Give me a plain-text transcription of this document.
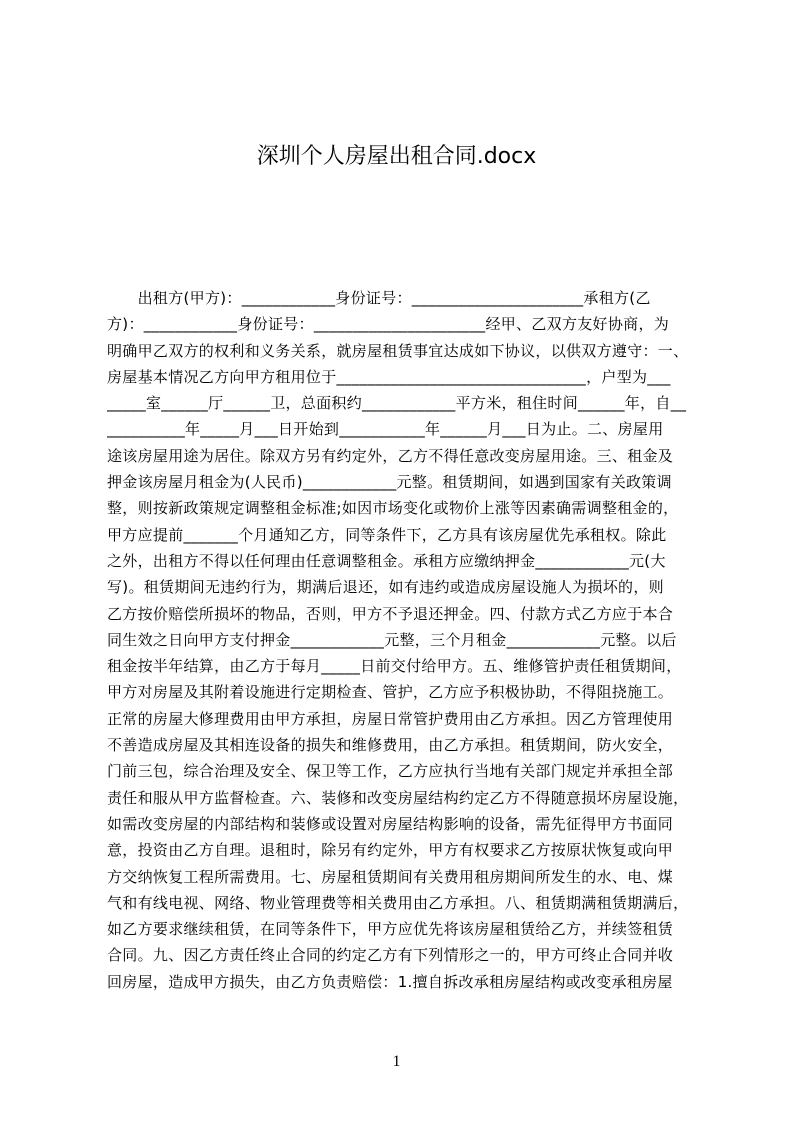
深圳个人房屋出租合同.docx
　　出租方(甲方)：____________身份证号：______________________承租方(乙
方)：____________身份证号：______________________经甲、乙双方友好协商，为
明确甲乙双方的权利和义务关系，就房屋租赁事宜达成如下协议，以供双方遵守：一、
房屋基本情况乙方向甲方租用位于________________________________，户型为___
_____室______厅______卫，总面积约____________平方米，租住时间______年，自__
__________年_____月___日开始到___________年______月___日为止。二、房屋用
途该房屋用途为居住。除双方另有约定外，乙方不得任意改变房屋用途。三、租金及
押金该房屋月租金为(人民币)____________元整。租赁期间，如遇到国家有关政策调
整，则按新政策规定调整租金标准;如因市场变化或物价上涨等因素确需调整租金的，
甲方应提前_______个月通知乙方，同等条件下，乙方具有该房屋优先承租权。除此
之外，出租方不得以任何理由任意调整租金。承租方应缴纳押金____________元(大
写)。租赁期间无违约行为，期满后退还，如有违约或造成房屋设施人为损坏的，则
乙方按价赔偿所损坏的物品，否则，甲方不予退还押金。四、付款方式乙方应于本合
同生效之日向甲方支付押金____________元整，三个月租金____________元整。以后
租金按半年结算，由乙方于每月_____日前交付给甲方。五、维修管护责任租赁期间，
甲方对房屋及其附着设施进行定期检查、管护，乙方应予积极协助，不得阻挠施工。
正常的房屋大修理费用由甲方承担，房屋日常管护费用由乙方承担。因乙方管理使用
不善造成房屋及其相连设备的损失和维修费用，由乙方承担。租赁期间，防火安全，
门前三包，综合治理及安全、保卫等工作，乙方应执行当地有关部门规定并承担全部
责任和服从甲方监督检查。六、装修和改变房屋结构约定乙方不得随意损坏房屋设施，
如需改变房屋的内部结构和装修或设置对房屋结构影响的设备，需先征得甲方书面同
意，投资由乙方自理。退租时，除另有约定外，甲方有权要求乙方按原状恢复或向甲
方交纳恢复工程所需费用。七、房屋租赁期间有关费用租房期间所发生的水、电、煤
气和有线电视、网络、物业管理费等相关费用由乙方承担。八、租赁期满租赁期满后，
如乙方要求继续租赁，在同等条件下，甲方应优先将该房屋租赁给乙方，并续签租赁
合同。九、因乙方责任终止合同的约定乙方有下列情形之一的，甲方可终止合同并收
回房屋，造成甲方损失，由乙方负责赔偿：1.擅自拆改承租房屋结构或改变承租房屋
1
